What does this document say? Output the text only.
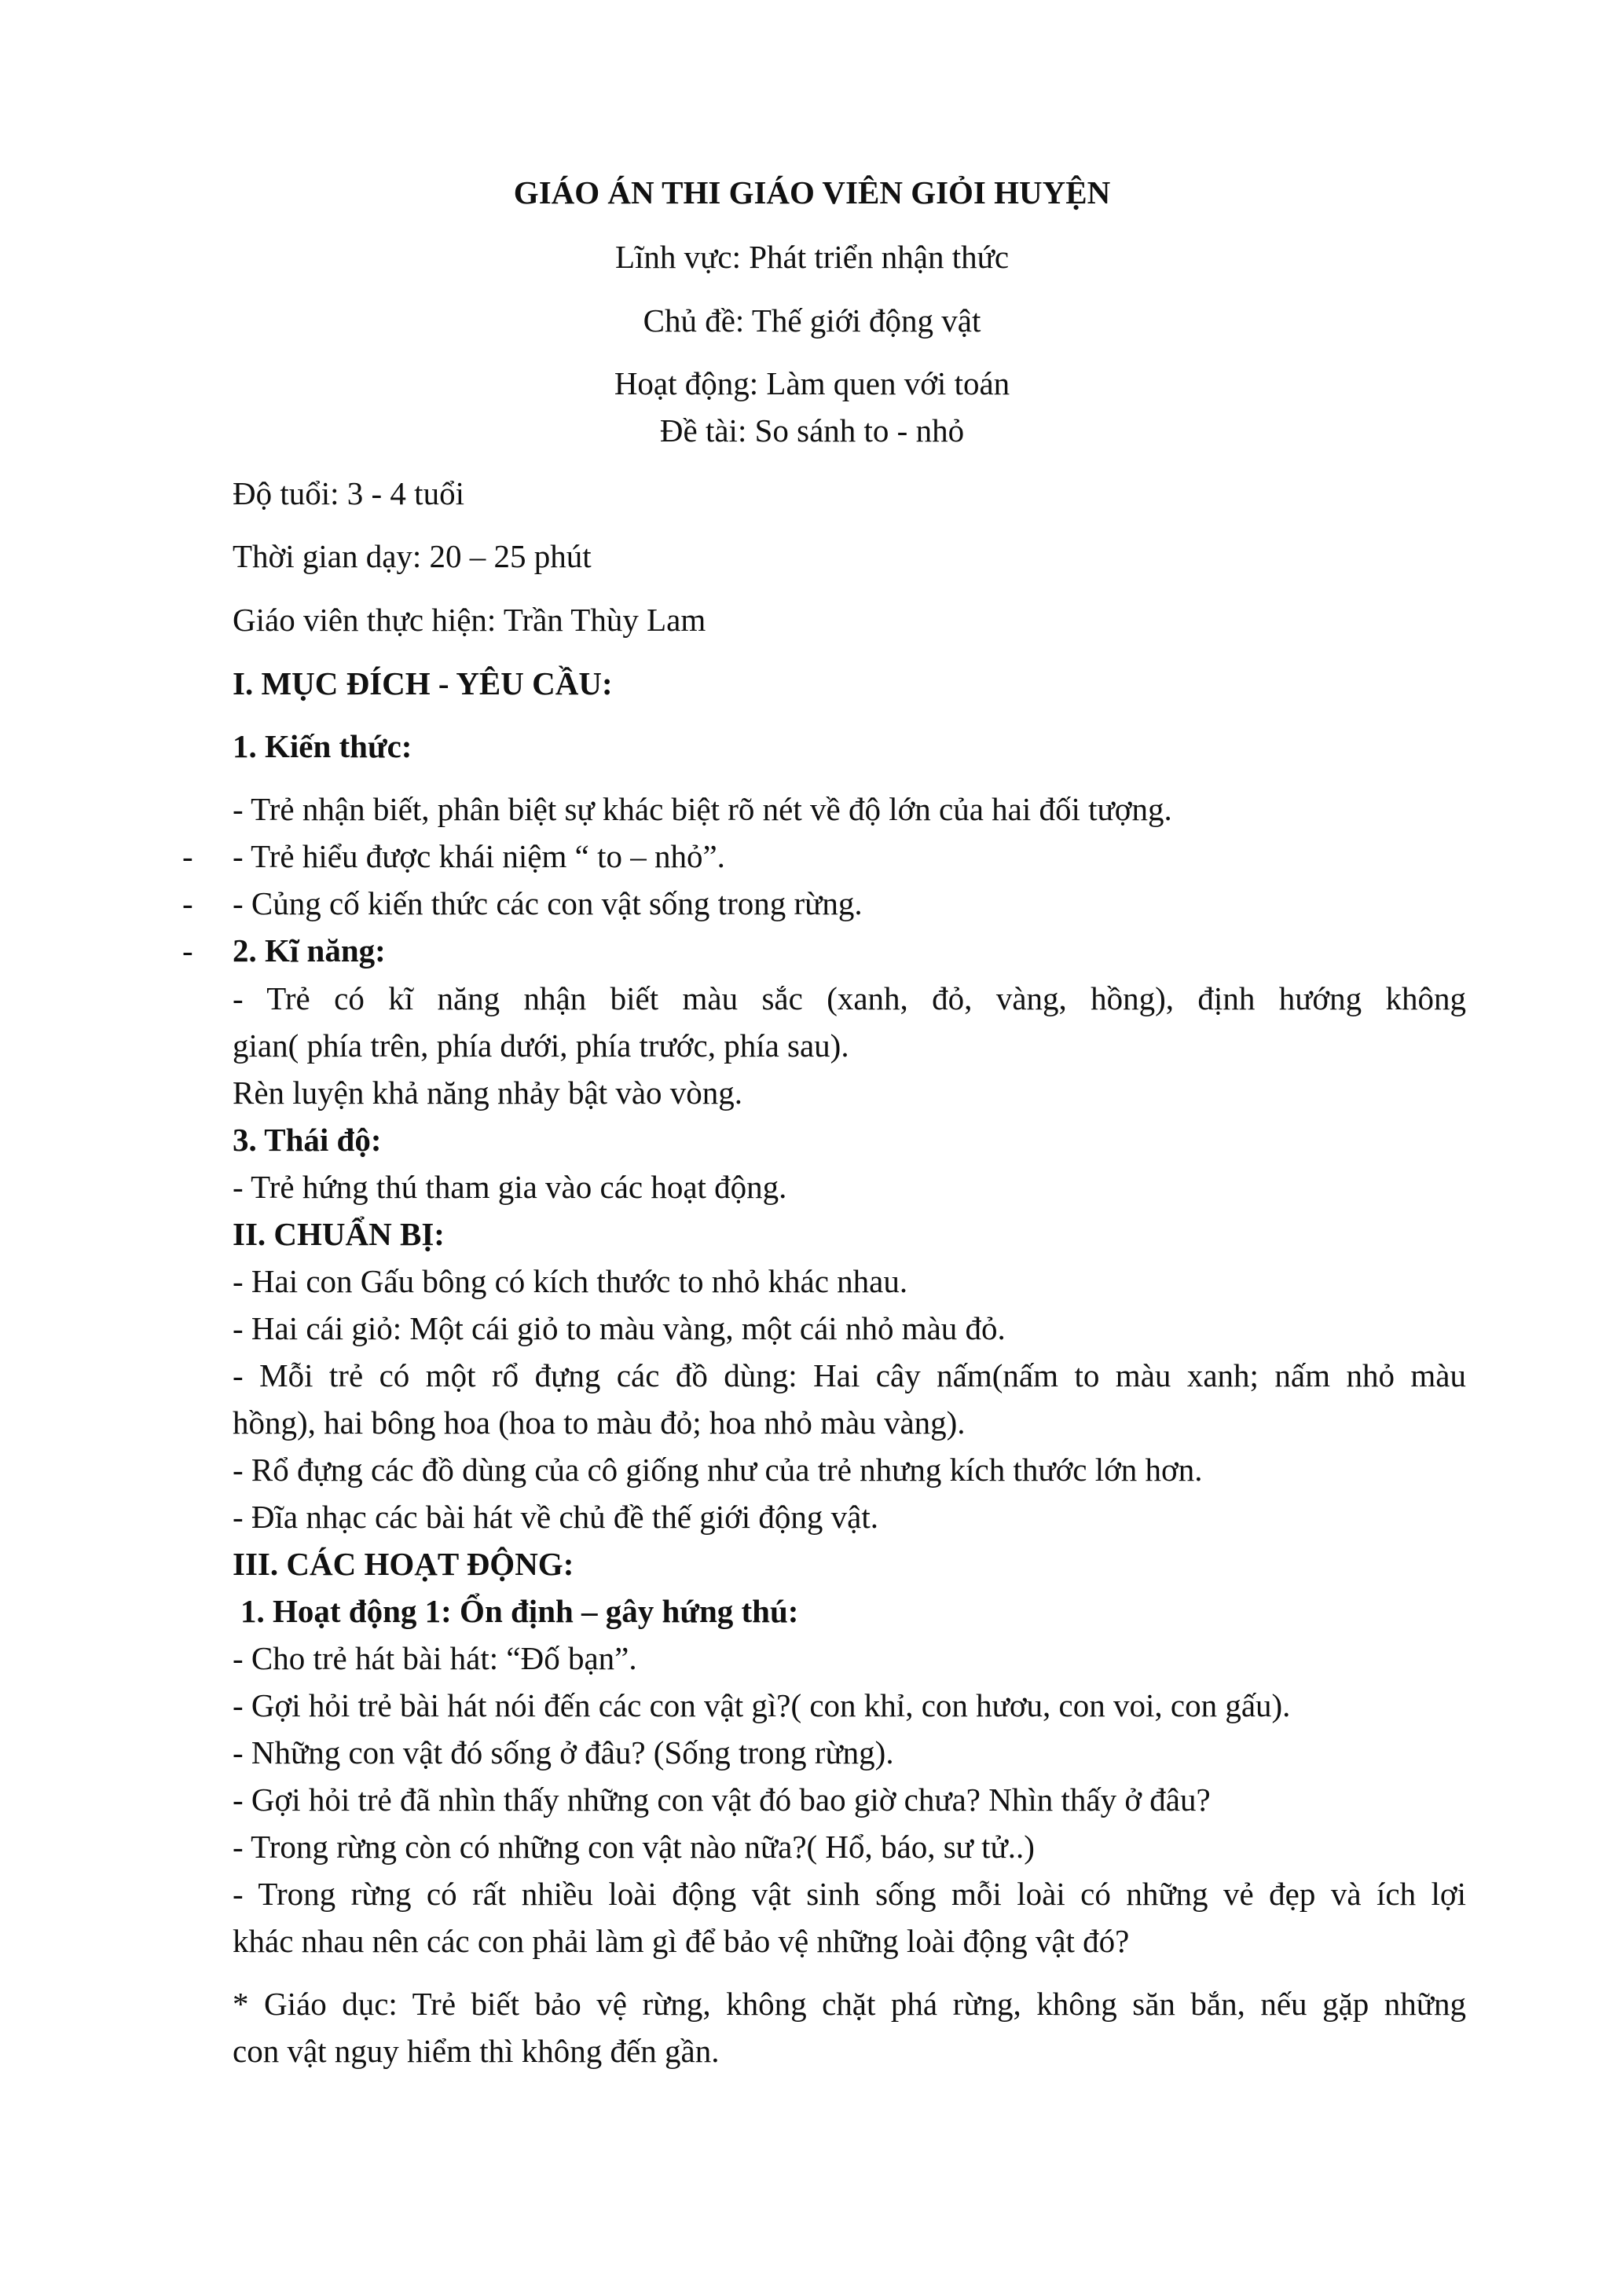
GIÁO ÁN THI GIÁO VIÊN GIỎI HUYỆN
Lĩnh vực: Phát triển nhận thức
Chủ đề: Thế giới động vật
Hoạt động: Làm quen với toán
Đề tài: So sánh to - nhỏ
Độ tuổi: 3 - 4 tuổi
Thời gian dạy: 20 – 25 phút
Giáo viên thực hiện: Trần Thùy Lam
I. MỤC ĐÍCH - YÊU CẦU:
1. Kiến thức:
- Trẻ nhận biết, phân biệt sự khác biệt rõ nét về độ lớn của hai đối tượng.
- - Trẻ hiểu được khái niệm “ to – nhỏ”.
- - Củng cố kiến thức các con vật sống trong rừng.
- 2. Kĩ năng:
- Trẻ có kĩ năng nhận biết màu sắc (xanh, đỏ, vàng, hồng), định hướng không
gian( phía trên, phía dưới, phía trước, phía sau).
Rèn luyện khả năng nhảy bật vào vòng.
3. Thái độ:
- Trẻ hứng thú tham gia vào các hoạt động.
II. CHUẨN BỊ:
- Hai con Gấu bông có kích thước to nhỏ khác nhau.
- Hai cái giỏ: Một cái giỏ to màu vàng, một cái nhỏ màu đỏ.
- Mỗi trẻ có một rổ đựng các đồ dùng: Hai cây nấm(nấm to màu xanh; nấm nhỏ màu
hồng), hai bông hoa (hoa to màu đỏ; hoa nhỏ màu vàng).
- Rổ đựng các đồ dùng của cô giống như của trẻ nhưng kích thước lớn hơn.
- Đĩa nhạc các bài hát về chủ đề thế giới động vật.
III. CÁC HOẠT ĐỘNG:
1. Hoạt động 1: Ổn định – gây hứng thú:
- Cho trẻ hát bài hát: “Đố bạn”.
- Gợi hỏi trẻ bài hát nói đến các con vật gì?( con khỉ, con hươu, con voi, con gấu).
- Những con vật đó sống ở đâu? (Sống trong rừng).
- Gợi hỏi trẻ đã nhìn thấy những con vật đó bao giờ chưa? Nhìn thấy ở đâu?
- Trong rừng còn có những con vật nào nữa?( Hổ, báo, sư tử..)
- Trong rừng có rất nhiều loài động vật sinh sống mỗi loài có những vẻ đẹp và ích lợi
khác nhau nên các con phải làm gì để bảo vệ những loài động vật đó?
* Giáo dục: Trẻ biết bảo vệ rừng, không chặt phá rừng, không săn bắn, nếu gặp những
con vật nguy hiểm thì không đến gần.
